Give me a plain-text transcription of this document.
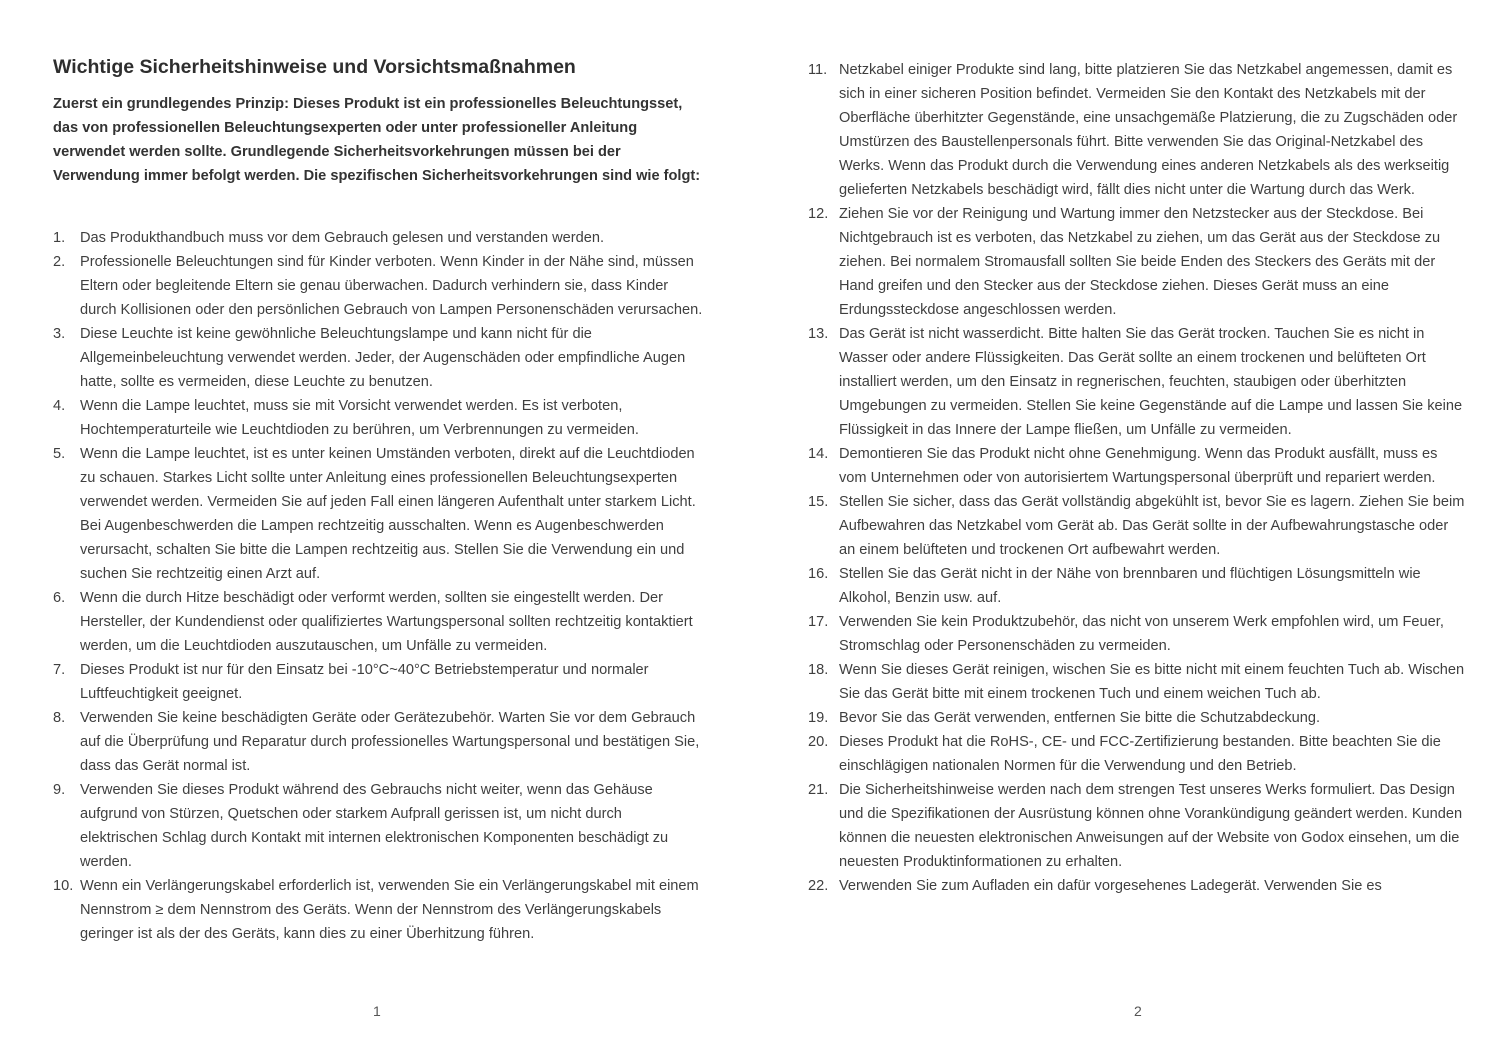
Wichtige Sicherheitshinweise und Vorsichtsmaßnahmen

Zuerst ein grundlegendes Prinzip: Dieses Produkt ist ein professionelles Beleuchtungsset, das von professionellen Beleuchtungsexperten oder unter professioneller Anleitung verwendet werden sollte. Grundlegende Sicherheitsvorkehrungen müssen bei der Verwendung immer befolgt werden. Die spezifischen Sicherheitsvorkehrungen sind wie folgt:

1. Das Produkthandbuch muss vor dem Gebrauch gelesen und verstanden werden.
2. Professionelle Beleuchtungen sind für Kinder verboten. Wenn Kinder in der Nähe sind, müssen Eltern oder begleitende Eltern sie genau überwachen. Dadurch verhindern sie, dass Kinder durch Kollisionen oder den persönlichen Gebrauch von Lampen Personenschäden verursachen.
3. Diese Leuchte ist keine gewöhnliche Beleuchtungslampe und kann nicht für die Allgemeinbeleuchtung verwendet werden. Jeder, der Augenschäden oder empfindliche Augen hatte, sollte es vermeiden, diese Leuchte zu benutzen.
4. Wenn die Lampe leuchtet, muss sie mit Vorsicht verwendet werden. Es ist verboten, Hochtemperaturteile wie Leuchtdioden zu berühren, um Verbrennungen zu vermeiden.
5. Wenn die Lampe leuchtet, ist es unter keinen Umständen verboten, direkt auf die Leuchtdioden zu schauen. Starkes Licht sollte unter Anleitung eines professionellen Beleuchtungsexperten verwendet werden. Vermeiden Sie auf jeden Fall einen längeren Aufenthalt unter starkem Licht. Bei Augenbeschwerden die Lampen rechtzeitig ausschalten. Wenn es Augenbeschwerden verursacht, schalten Sie bitte die Lampen rechtzeitig aus. Stellen Sie die Verwendung ein und suchen Sie rechtzeitig einen Arzt auf.
6. Wenn die durch Hitze beschädigt oder verformt werden, sollten sie eingestellt werden. Der Hersteller, der Kundendienst oder qualifiziertes Wartungspersonal sollten rechtzeitig kontaktiert werden, um die Leuchtdioden auszutauschen, um Unfälle zu vermeiden.
7. Dieses Produkt ist nur für den Einsatz bei -10°C~40°C Betriebstemperatur und normaler Luftfeuchtigkeit geeignet.
8. Verwenden Sie keine beschädigten Geräte oder Gerätezubehör. Warten Sie vor dem Gebrauch auf die Überprüfung und Reparatur durch professionelles Wartungspersonal und bestätigen Sie, dass das Gerät normal ist.
9. Verwenden Sie dieses Produkt während des Gebrauchs nicht weiter, wenn das Gehäuse aufgrund von Stürzen, Quetschen oder starkem Aufprall gerissen ist, um nicht durch elektrischen Schlag durch Kontakt mit internen elektronischen Komponenten beschädigt zu werden.
10. Wenn ein Verlängerungskabel erforderlich ist, verwenden Sie ein Verlängerungskabel mit einem Nennstrom ≥ dem Nennstrom des Geräts. Wenn der Nennstrom des Verlängerungskabels geringer ist als der des Geräts, kann dies zu einer Überhitzung führen.
1
11. Netzkabel einiger Produkte sind lang, bitte platzieren Sie das Netzkabel angemessen, damit es sich in einer sicheren Position befindet. Vermeiden Sie den Kontakt des Netzkabels mit der Oberfläche überhitzter Gegenstände, eine unsachgemäße Platzierung, die zu Zugschäden oder Umstürzen des Baustellenpersonals führt. Bitte verwenden Sie das Original-Netzkabel des Werks. Wenn das Produkt durch die Verwendung eines anderen Netzkabels als des werkseitig gelieferten Netzkabels beschädigt wird, fällt dies nicht unter die Wartung durch das Werk.
12. Ziehen Sie vor der Reinigung und Wartung immer den Netzstecker aus der Steckdose. Bei Nichtgebrauch ist es verboten, das Netzkabel zu ziehen, um das Gerät aus der Steckdose zu ziehen. Bei normalem Stromausfall sollten Sie beide Enden des Steckers des Geräts mit der Hand greifen und den Stecker aus der Steckdose ziehen. Dieses Gerät muss an eine Erdungssteckdose angeschlossen werden.
13. Das Gerät ist nicht wasserdicht. Bitte halten Sie das Gerät trocken. Tauchen Sie es nicht in Wasser oder andere Flüssigkeiten. Das Gerät sollte an einem trockenen und belüfteten Ort installiert werden, um den Einsatz in regnerischen, feuchten, staubigen oder überhitzten Umgebungen zu vermeiden. Stellen Sie keine Gegenstände auf die Lampe und lassen Sie keine Flüssigkeit in das Innere der Lampe fließen, um Unfälle zu vermeiden.
14. Demontieren Sie das Produkt nicht ohne Genehmigung. Wenn das Produkt ausfällt, muss es vom Unternehmen oder von autorisiertem Wartungspersonal überprüft und repariert werden.
15. Stellen Sie sicher, dass das Gerät vollständig abgekühlt ist, bevor Sie es lagern. Ziehen Sie beim Aufbewahren das Netzkabel vom Gerät ab. Das Gerät sollte in der Aufbewahrungstasche oder an einem belüfteten und trockenen Ort aufbewahrt werden.
16. Stellen Sie das Gerät nicht in der Nähe von brennbaren und flüchtigen Lösungsmitteln wie Alkohol, Benzin usw. auf.
17. Verwenden Sie kein Produktzubehör, das nicht von unserem Werk empfohlen wird, um Feuer, Stromschlag oder Personenschäden zu vermeiden.
18. Wenn Sie dieses Gerät reinigen, wischen Sie es bitte nicht mit einem feuchten Tuch ab. Wischen Sie das Gerät bitte mit einem trockenen Tuch und einem weichen Tuch ab.
19. Bevor Sie das Gerät verwenden, entfernen Sie bitte die Schutzabdeckung.
20. Dieses Produkt hat die RoHS-, CE- und FCC-Zertifizierung bestanden. Bitte beachten Sie die einschlägigen nationalen Normen für die Verwendung und den Betrieb.
21. Die Sicherheitshinweise werden nach dem strengen Test unseres Werks formuliert. Das Design und die Spezifikationen der Ausrüstung können ohne Vorankündigung geändert werden. Kunden können die neuesten elektronischen Anweisungen auf der Website von Godox einsehen, um die neuesten Produktinformationen zu erhalten.
22. Verwenden Sie zum Aufladen ein dafür vorgesehenes Ladegerät. Verwenden Sie es
2
